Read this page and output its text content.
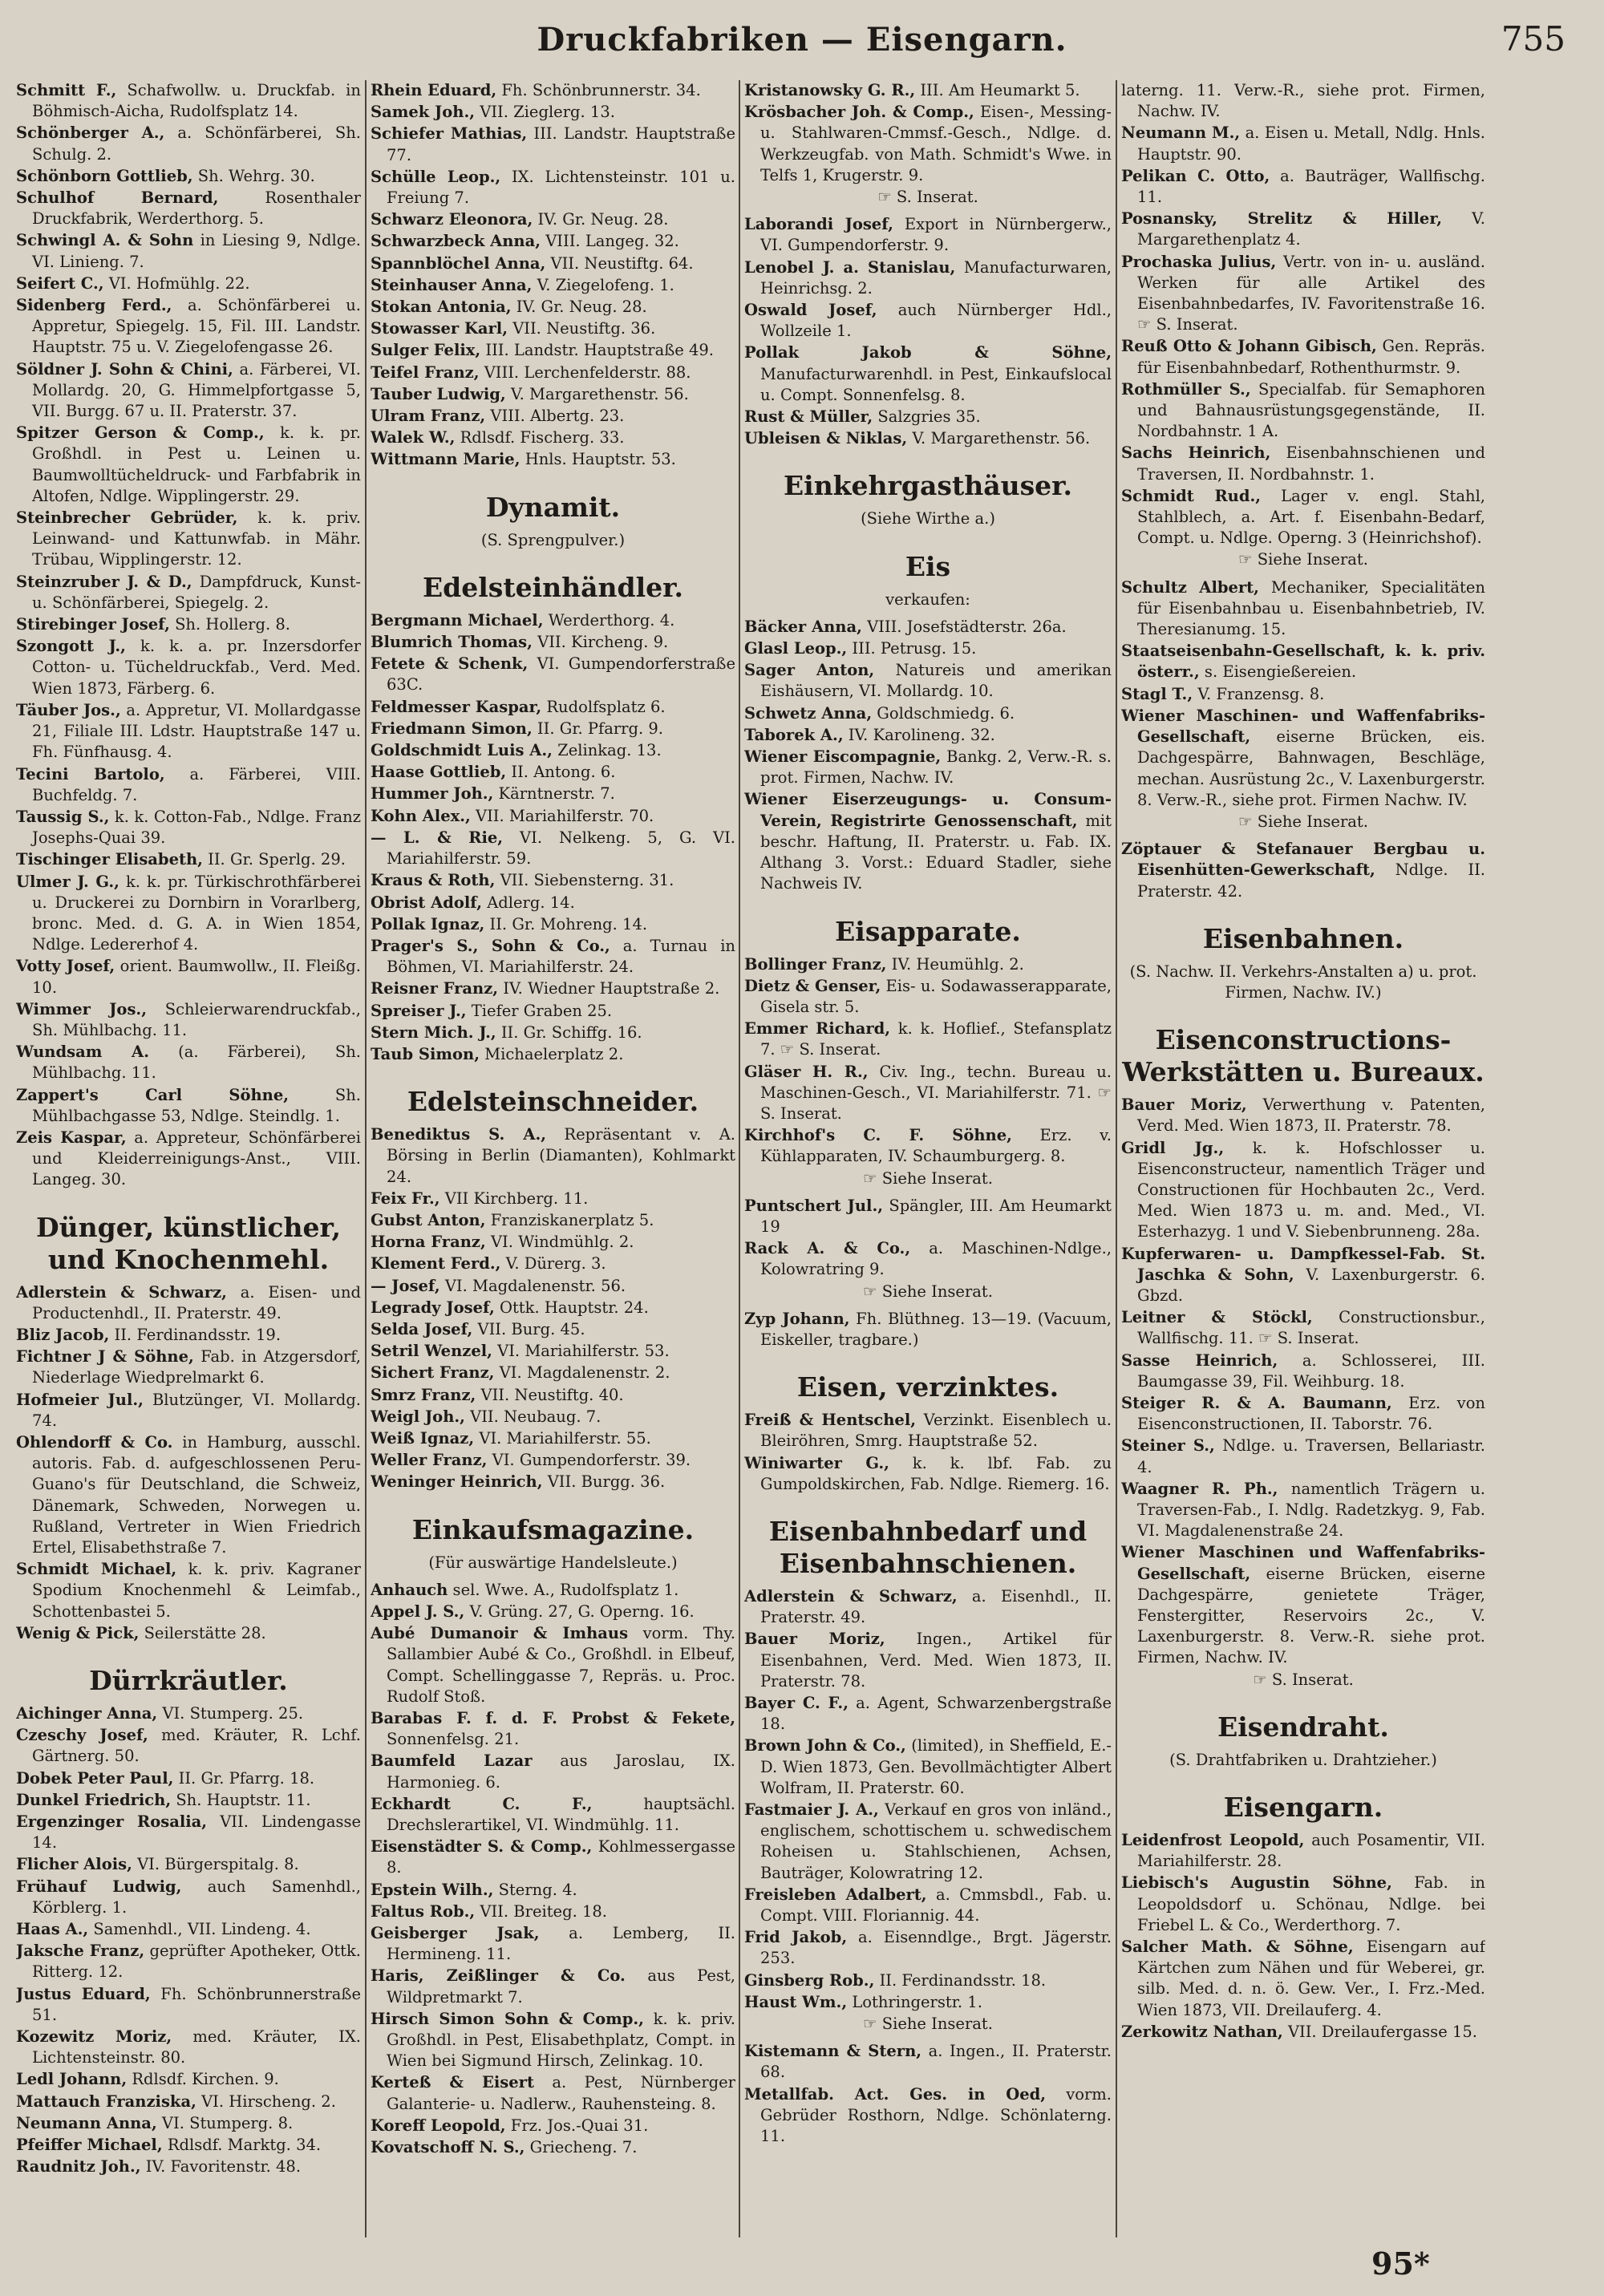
Druckfabriken — Eisengarn.	755
Schmitt F., Schafwollw. u. Druckfab. in Böhmisch-Aicha, Rudolfsplatz 14.
Schönberger A., a. Schönfärberei, Sh. Schulg. 2.
Schönborn Gottlieb, Sh. Wehrg. 30.
Schulhof Bernard, Rosenthaler Druckfabrik, Werderthorg. 5.
Schwingl A. & Sohn in Liesing 9, Ndlge. VI. Linieng. 7.
Seifert C., VI. Hofmühlg. 22.
Sidenberg Ferd., a. Schönfärberei u. Appretur, Spiegelg. 15, Fil. III. Landstr. Hauptstr. 75 u. V. Ziegelofengasse 26.
Söldner J. Sohn & Chini, a. Färberei, VI. Mollardg. 20, G. Himmelpfortgasse 5, VII. Burgg. 67 u. II. Praterstr. 37.
Spitzer Gerson & Comp., k. k. pr. Großhdl. in Pest u. Leinen u. Baumwolltücheldruck- und Farbfabrik in Altofen, Ndlge. Wipplingerstr. 29.
Steinbrecher Gebrüder, k. k. priv. Leinwand- und Kattunwfab. in Mähr. Trübau, Wipplingerstr. 12.
Steinzruber J. & D., Dampfdruck, Kunst- u. Schönfärberei, Spiegelg. 2.
Stirebinger Josef, Sh. Hollerg. 8.
Szongott J., k. k. a. pr. Inzersdorfer Cotton- u. Tücheldruckfab., Verd. Med. Wien 1873, Färberg. 6.
Täuber Jos., a. Appretur, VI. Mollardgasse 21, Filiale III. Ldstr. Hauptstraße 147 u. Fh. Fünfhausg. 4.
Tecini Bartolo, a. Färberei, VIII. Buchfeldg. 7.
Taussig S., k. k. Cotton-Fab., Ndlge. Franz Josephs-Quai 39.
Tischinger Elisabeth, II. Gr. Sperlg. 29.
Ulmer J. G., k. k. pr. Türkischrothfärberei u. Druckerei zu Dornbirn in Vorarlberg, bronc. Med. d. G. A. in Wien 1854, Ndlge. Ledererhof 4.
Votty Josef, orient. Baumwollw., II. Fleißg. 10.
Wimmer Jos., Schleierwarendruckfab., Sh. Mühlbachg. 11.
Wundsam A. (a. Färberei), Sh. Mühlbachg. 11.
Zappert's Carl Söhne, Sh. Mühlbachgasse 53, Ndlge. Steindlg. 1.
Zeis Kaspar, a. Appreteur, Schönfärberei und Kleiderreinigungs-Anst., VIII. Langeg. 30.
Dünger, künstlicher, und Knochenmehl.
Adlerstein & Schwarz, a. Eisen- und Productenhdl., II. Praterstr. 49.
Bliz Jacob, II. Ferdinandsstr. 19.
Fichtner J & Söhne, Fab. in Atzgersdorf, Niederlage Wiedprelmarkt 6.
Hofmeier Jul., Blutzünger, VI. Mollardg. 74.
Ohlendorff & Co. in Hamburg, ausschl. autoris. Fab. d. aufgeschlossenen Peru-Guano's für Deutschland, die Schweiz, Dänemark, Schweden, Norwegen u. Rußland, Vertreter in Wien Friedrich Ertel, Elisabethstraße 7.
Schmidt Michael, k. k. priv. Kagraner Spodium Knochenmehl & Leimfab., Schottenbastei 5.
Wenig & Pick, Seilerstätte 28.
Dürrkräutler.
Aichinger Anna, VI. Stumperg. 25.
Czeschy Josef, med. Kräuter, R. Lchf. Gärtnerg. 50.
Dobek Peter Paul, II. Gr. Pfarrg. 18.
Dunkel Friedrich, Sh. Hauptstr. 11.
Ergenzinger Rosalia, VII. Lindengasse 14.
Flicher Alois, VI. Bürgerspitalg. 8.
Frühauf Ludwig, auch Samenhdl., Körblerg. 1.
Haas A., Samenhdl., VII. Lindeng. 4.
Jaksche Franz, geprüfter Apotheker, Ottk. Ritterg. 12.
Justus Eduard, Fh. Schönbrunnerstraße 51.
Kozewitz Moriz, med. Kräuter, IX. Lichtensteinstr. 80.
Ledl Johann, Rdlsdf. Kirchen. 9.
Mattauch Franziska, VI. Hirscheng. 2.
Neumann Anna, VI. Stumperg. 8.
Pfeiffer Michael, Rdlsdf. Marktg. 34.
Raudnitz Joh., IV. Favoritenstr. 48.
Rhein Eduard, Fh. Schönbrunnerstr. 34.
Samek Joh., VII. Zieglerg. 13.
Schiefer Mathias, III. Landstr. Hauptstraße 77.
Schülle Leop., IX. Lichtensteinstr. 101 u. Freiung 7.
Schwarz Eleonora, IV. Gr. Neug. 28.
Schwarzbeck Anna, VIII. Langeg. 32.
Spannblöchel Anna, VII. Neustiftg. 64.
Steinhauser Anna, V. Ziegelofeng. 1.
Stokan Antonia, IV. Gr. Neug. 28.
Stowasser Karl, VII. Neustiftg. 36.
Sulger Felix, III. Landstr. Hauptstraße 49.
Teifel Franz, VIII. Lerchenfelderstr. 88.
Tauber Ludwig, V. Margarethenstr. 56.
Ulram Franz, VIII. Albertg. 23.
Walek W., Rdlsdf. Fischerg. 33.
Wittmann Marie, Hnls. Hauptstr. 53.
Dynamit.
(S. Sprengpulver.)
Edelsteinhändler.
Bergmann Michael, Werderthorg. 4.
Blumrich Thomas, VII. Kircheng. 9.
Fetete & Schenk, VI. Gumpendorferstraße 63C.
Feldmesser Kaspar, Rudolfsplatz 6.
Friedmann Simon, II. Gr. Pfarrg. 9.
Goldschmidt Luis A., Zelinkag. 13.
Haase Gottlieb, II. Antong. 6.
Hummer Joh., Kärntnerstr. 7.
Kohn Alex., VII. Mariahilferstr. 70.
— L. & Rie, VI. Nelkeng. 5, G. VI. Mariahilferstr. 59.
Kraus & Roth, VII. Siebensterng. 31.
Obrist Adolf, Adlerg. 14.
Pollak Ignaz, II. Gr. Mohreng. 14.
Prager's S., Sohn & Co., a. Turnau in Böhmen, VI. Mariahilferstr. 24.
Reisner Franz, IV. Wiedner Hauptstraße 2.
Spreiser J., Tiefer Graben 25.
Stern Mich. J., II. Gr. Schiffg. 16.
Taub Simon, Michaelerplatz 2.
Edelsteinschneider.
Benediktus S. A., Repräsentant v. A. Börsing in Berlin (Diamanten), Kohlmarkt 24.
Feix Fr., VII Kirchberg. 11.
Gubst Anton, Franziskanerplatz 5.
Horna Franz, VI. Windmühlg. 2.
Klement Ferd., V. Dürerg. 3.
— Josef, VI. Magdalenenstr. 56.
Legrady Josef, Ottk. Hauptstr. 24.
Selda Josef, VII. Burg. 45.
Setril Wenzel, VI. Mariahilferstr. 53.
Sichert Franz, VI. Magdalenenstr. 2.
Smrz Franz, VII. Neustiftg. 40.
Weigl Joh., VII. Neubaug. 7.
Weiß Ignaz, VI. Mariahilferstr. 55.
Weller Franz, VI. Gumpendorferstr. 39.
Weninger Heinrich, VII. Burgg. 36.
Einkaufsmagazine.
(Für auswärtige Handelsleute.)
Anhauch sel. Wwe. A., Rudolfsplatz 1.
Appel J. S., V. Grüng. 27, G. Operng. 16.
Aubé Dumanoir & Imhaus vorm. Thy. Sallambier Aubé & Co., Großhdl. in Elbeuf, Compt. Schellinggasse 7, Repräs. u. Proc. Rudolf Stoß.
Barabas F. f. d. F. Probst & Fekete, Sonnenfelsg. 21.
Baumfeld Lazar aus Jaroslau, IX. Harmonieg. 6.
Eckhardt C. F., hauptsächl. Drechslerartikel, VI. Windmühlg. 11.
Eisenstädter S. & Comp., Kohlmessergasse 8.
Epstein Wilh., Sterng. 4.
Faltus Rob., VII. Breiteg. 18.
Geisberger Jsak, a. Lemberg, II. Hermineng. 11.
Haris, Zeißlinger & Co. aus Pest, Wildpretmarkt 7.
Hirsch Simon Sohn & Comp., k. k. priv. Großhdl. in Pest, Elisabethplatz, Compt. in Wien bei Sigmund Hirsch, Zelinkag. 10.
Kerteß & Eisert a. Pest, Nürnberger Galanterie- u. Nadlerw., Rauhensteing. 8.
Koreff Leopold, Frz. Jos.-Quai 31.
Kovatschoff N. S., Griecheng. 7.
Kristanowsky G. R., III. Am Heumarkt 5.
Krösbacher Joh. & Comp., Eisen-, Messing- u. Stahlwaren-Cmmsf.-Gesch., Ndlge. d. Werkzeugfab. von Math. Schmidt's Wwe. in Telfs 1, Krugerstr. 9.
☞ S. Inserat.
Laborandi Josef, Export in Nürnbergerw., VI. Gumpendorferstr. 9.
Lenobel J. a. Stanislau, Manufacturwaren, Heinrichsg. 2.
Oswald Josef, auch Nürnberger Hdl., Wollzeile 1.
Pollak Jakob & Söhne, Manufacturwarenhdl. in Pest, Einkaufslocal u. Compt. Sonnenfelsg. 8.
Rust & Müller, Salzgries 35.
Ubleisen & Niklas, V. Margarethenstr. 56.
Einkehrgasthäuser.
(Siehe Wirthe a.)
Eis
verkaufen:
Bäcker Anna, VIII. Josefstädterstr. 26a.
Glasl Leop., III. Petrusg. 15.
Sager Anton, Natureis und amerikan Eishäusern, VI. Mollardg. 10.
Schwetz Anna, Goldschmiedg. 6.
Taborek A., IV. Karolineng. 32.
Wiener Eiscompagnie, Bankg. 2, Verw.-R. s. prot. Firmen, Nachw. IV.
Wiener Eiserzeugungs- u. Consum-Verein, Registrirte Genossenschaft, mit beschr. Haftung, II. Praterstr. u. Fab. IX. Althang 3. Vorst.: Eduard Stadler, siehe Nachweis IV.
Eisapparate.
Bollinger Franz, IV. Heumühlg. 2.
Dietz & Genser, Eis- u. Sodawasserapparate, Gisela str. 5.
Emmer Richard, k. k. Hoflief., Stefansplatz 7. ☞ S. Inserat.
Gläser H. R., Civ. Ing., techn. Bureau u. Maschinen-Gesch., VI. Mariahilferstr. 71. ☞ S. Inserat.
Kirchhof's C. F. Söhne, Erz. v. Kühlapparaten, IV. Schaumburgerg. 8.
☞ Siehe Inserat.
Puntschert Jul., Spängler, III. Am Heumarkt 19
Rack A. & Co., a. Maschinen-Ndlge., Kolowratring 9.
☞ Siehe Inserat.
Zyp Johann, Fh. Blüthneg. 13—19. (Vacuum, Eiskeller, tragbare.)
Eisen, verzinktes.
Freiß & Hentschel, Verzinkt. Eisenblech u. Bleiröhren, Smrg. Hauptstraße 52.
Winiwarter G., k. k. lbf. Fab. zu Gumpoldskirchen, Fab. Ndlge. Riemerg. 16.
Eisenbahnbedarf und Eisenbahnschienen.
Adlerstein & Schwarz, a. Eisenhdl., II. Praterstr. 49.
Bauer Moriz, Ingen., Artikel für Eisenbahnen, Verd. Med. Wien 1873, II. Praterstr. 78.
Bayer C. F., a. Agent, Schwarzenbergstraße 18.
Brown John & Co., (limited), in Sheffield, E.-D. Wien 1873, Gen. Bevollmächtigter Albert Wolfram, II. Praterstr. 60.
Fastmaier J. A., Verkauf en gros von inländ., englischem, schottischem u. schwedischem Roheisen u. Stahlschienen, Achsen, Bauträger, Kolowratring 12.
Freisleben Adalbert, a. Cmmsbdl., Fab. u. Compt. VIII. Floriannig. 44.
Frid Jakob, a. Eisenndlge., Brgt. Jägerstr. 253.
Ginsberg Rob., II. Ferdinandsstr. 18.
Haust Wm., Lothringerstr. 1.
☞ Siehe Inserat.
Kistemann & Stern, a. Ingen., II. Praterstr. 68.
Metallfab. Act. Ges. in Oed, vorm. Gebrüder Rosthorn, Ndlge. Schönlaterng. 11.
laterng. 11. Verw.-R., siehe prot. Firmen, Nachw. IV.
Neumann M., a. Eisen u. Metall, Ndlg. Hnls. Hauptstr. 90.
Pelikan C. Otto, a. Bauträger, Wallfischg. 11.
Posnansky, Strelitz & Hiller, V. Margarethenplatz 4.
Prochaska Julius, Vertr. von in- u. ausländ. Werken für alle Artikel des Eisenbahnbedarfes, IV. Favoritenstraße 16. ☞ S. Inserat.
Reuß Otto & Johann Gibisch, Gen. Repräs. für Eisenbahnbedarf, Rothenthurmstr. 9.
Rothmüller S., Specialfab. für Semaphoren und Bahnausrüstungsgegenstände, II. Nordbahnstr. 1 A.
Sachs Heinrich, Eisenbahnschienen und Traversen, II. Nordbahnstr. 1.
Schmidt Rud., Lager v. engl. Stahl, Stahlblech, a. Art. f. Eisenbahn-Bedarf, Compt. u. Ndlge. Operng. 3 (Heinrichshof).
☞ Siehe Inserat.
Schultz Albert, Mechaniker, Specialitäten für Eisenbahnbau u. Eisenbahnbetrieb, IV. Theresianumg. 15.
Staatseisenbahn-Gesellschaft, k. k. priv. österr., s. Eisengießereien.
Stagl T., V. Franzensg. 8.
Wiener Maschinen- und Waffenfabriks-Gesellschaft, eiserne Brücken, eis. Dachgespärre, Bahnwagen, Beschläge, mechan. Ausrüstung 2c., V. Laxenburgerstr. 8. Verw.-R., siehe prot. Firmen Nachw. IV.
☞ Siehe Inserat.
Zöptauer & Stefanauer Bergbau u. Eisenhütten-Gewerkschaft, Ndlge. II. Praterstr. 42.
Eisenbahnen.
(S. Nachw. II. Verkehrs-Anstalten a) u. prot. Firmen, Nachw. IV.)
Eisenconstructions-Werkstätten u. Bureaux.
Bauer Moriz, Verwerthung v. Patenten, Verd. Med. Wien 1873, II. Praterstr. 78.
Gridl Jg., k. k. Hofschlosser u. Eisenconstructeur, namentlich Träger und Constructionen für Hochbauten 2c., Verd. Med. Wien 1873 u. m. and. Med., VI. Esterhazyg. 1 und V. Siebenbrunneng. 28a.
Kupferwaren- u. Dampfkessel-Fab. St. Jaschka & Sohn, V. Laxenburgerstr. 6. Gbzd.
Leitner & Stöckl, Constructionsbur., Wallfischg. 11. ☞ S. Inserat.
Sasse Heinrich, a. Schlosserei, III. Baumgasse 39, Fil. Weihburg. 18.
Steiger R. & A. Baumann, Erz. von Eisenconstructionen, II. Taborstr. 76.
Steiner S., Ndlge. u. Traversen, Bellariastr. 4.
Waagner R. Ph., namentlich Trägern u. Traversen-Fab., I. Ndlg. Radetzkyg. 9, Fab. VI. Magdalenenstraße 24.
Wiener Maschinen und Waffenfabriks-Gesellschaft, eiserne Brücken, eiserne Dachgespärre, genietete Träger, Fenstergitter, Reservoirs 2c., V. Laxenburgerstr. 8. Verw.-R. siehe prot. Firmen, Nachw. IV.
☞ S. Inserat.
Eisendraht.
(S. Drahtfabriken u. Drahtzieher.)
Eisengarn.
Leidenfrost Leopold, auch Posamentir, VII. Mariahilferstr. 28.
Liebisch's Augustin Söhne, Fab. in Leopoldsdorf u. Schönau, Ndlge. bei Friebel L. & Co., Werderthorg. 7.
Salcher Math. & Söhne, Eisengarn auf Kärtchen zum Nähen und für Weberei, gr. silb. Med. d. n. ö. Gew. Ver., I. Frz.-Med. Wien 1873, VII. Dreilauferg. 4.
Zerkowitz Nathan, VII. Dreilaufergasse 15.
95*
